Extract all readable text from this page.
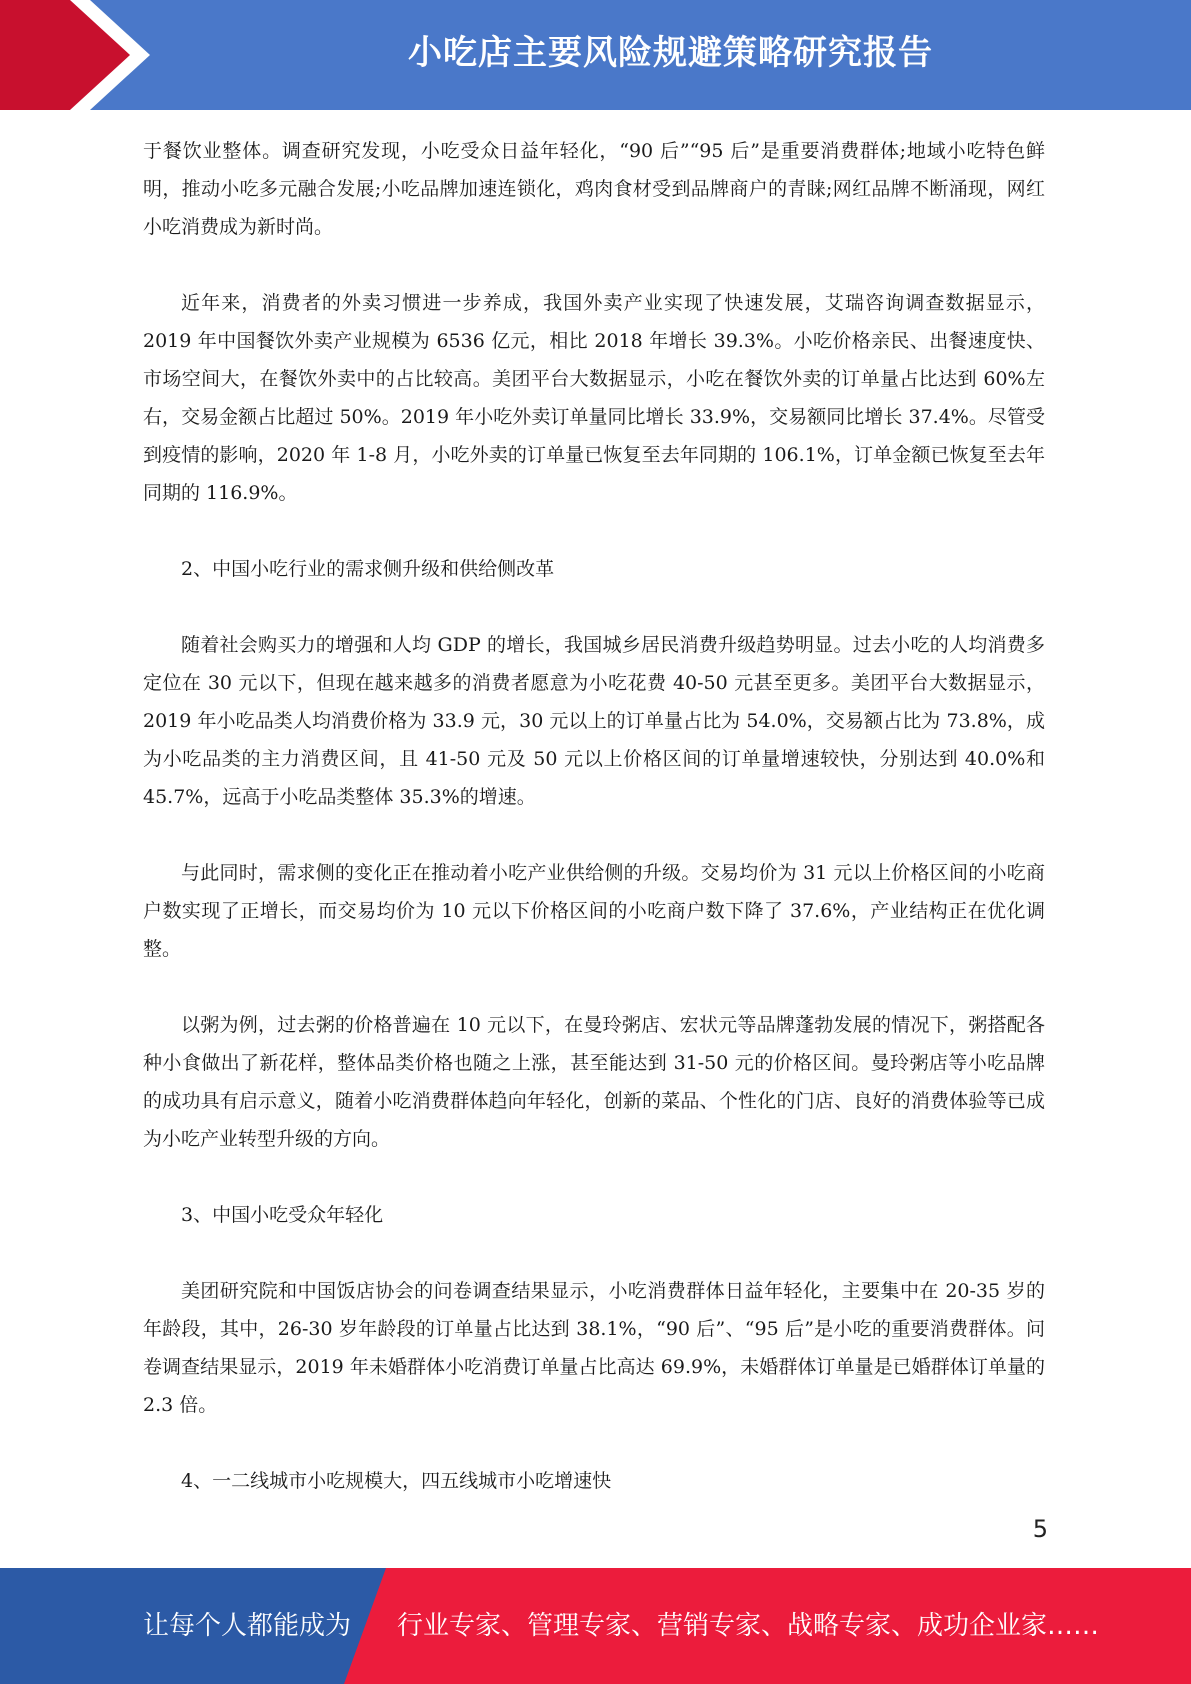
小吃店主要风险规避策略研究报告

于餐饮业整体。调查研究发现，小吃受众日益年轻化，“90 后”“95 后”是重要消费群体;地域小吃特色鲜明，推动小吃多元融合发展;小吃品牌加速连锁化，鸡肉食材受到品牌商户的青睐;网红品牌不断涌现，网红小吃消费成为新时尚。

近年来，消费者的外卖习惯进一步养成，我国外卖产业实现了快速发展，艾瑞咨询调查数据显示，2019 年中国餐饮外卖产业规模为 6536 亿元，相比 2018 年增长 39.3%。小吃价格亲民、出餐速度快、市场空间大，在餐饮外卖中的占比较高。美团平台大数据显示，小吃在餐饮外卖的订单量占比达到 60%左右，交易金额占比超过 50%。2019 年小吃外卖订单量同比增长 33.9%，交易额同比增长 37.4%。尽管受到疫情的影响，2020 年 1-8 月，小吃外卖的订单量已恢复至去年同期的 106.1%，订单金额已恢复至去年同期的 116.9%。

2、中国小吃行业的需求侧升级和供给侧改革

随着社会购买力的增强和人均 GDP 的增长，我国城乡居民消费升级趋势明显。过去小吃的人均消费多定位在 30 元以下，但现在越来越多的消费者愿意为小吃花费 40-50 元甚至更多。美团平台大数据显示，2019 年小吃品类人均消费价格为 33.9 元，30 元以上的订单量占比为 54.0%，交易额占比为 73.8%，成为小吃品类的主力消费区间，且 41-50 元及 50 元以上价格区间的订单量增速较快，分别达到 40.0%和 45.7%，远高于小吃品类整体 35.3%的增速。

与此同时，需求侧的变化正在推动着小吃产业供给侧的升级。交易均价为 31 元以上价格区间的小吃商户数实现了正增长，而交易均价为 10 元以下价格区间的小吃商户数下降了 37.6%，产业结构正在优化调整。

以粥为例，过去粥的价格普遍在 10 元以下，在曼玲粥店、宏状元等品牌蓬勃发展的情况下，粥搭配各种小食做出了新花样，整体品类价格也随之上涨，甚至能达到 31-50 元的价格区间。曼玲粥店等小吃品牌的成功具有启示意义，随着小吃消费群体趋向年轻化，创新的菜品、个性化的门店、良好的消费体验等已成为小吃产业转型升级的方向。

3、中国小吃受众年轻化

美团研究院和中国饭店协会的问卷调查结果显示，小吃消费群体日益年轻化，主要集中在 20-35 岁的年龄段，其中，26-30 岁年龄段的订单量占比达到 38.1%，“90 后”、“95 后”是小吃的重要消费群体。问卷调查结果显示，2019 年未婚群体小吃消费订单量占比高达 69.9%，未婚群体订单量是已婚群体订单量的 2.3 倍。

4、一二线城市小吃规模大，四五线城市小吃增速快

5
让每个人都能成为 行业专家、管理专家、营销专家、战略专家、成功企业家……
